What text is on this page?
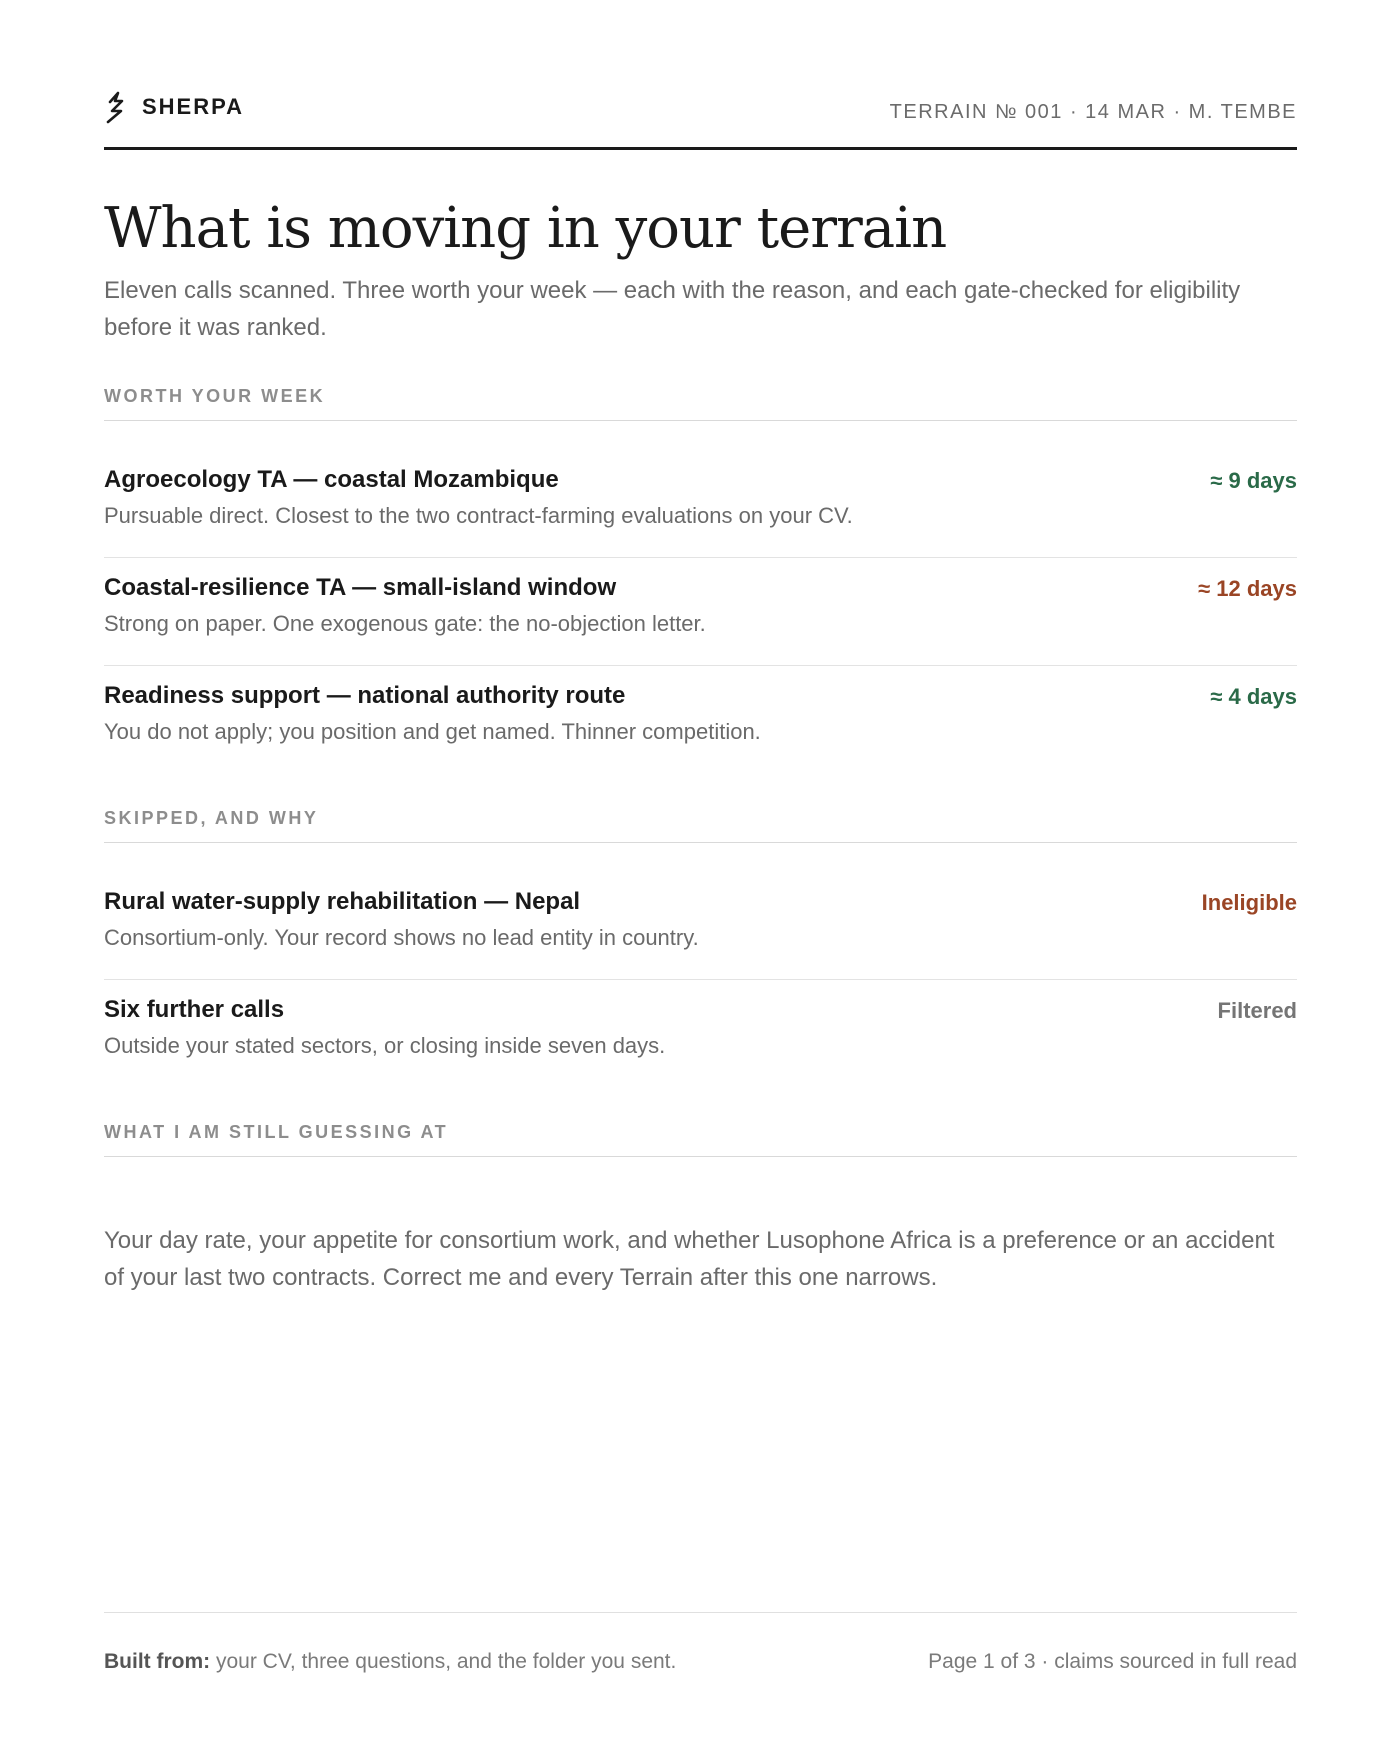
SHERPA	TERRAIN № 001 · 14 MAR · M. TEMBE
What is moving in your terrain

Eleven calls scanned. Three worth your week — each with the reason, and each gate-checked for eligibility before it was ranked.

WORTH YOUR WEEK
Agroecology TA — coastal Mozambique
Pursuable direct. Closest to the two contract-farming evaluations on your CV.
≈ 9 days
Coastal-resilience TA — small-island window
Strong on paper. One exogenous gate: the no-objection letter.
≈ 12 days
Readiness support — national authority route
You do not apply; you position and get named. Thinner competition.
≈ 4 days
SKIPPED, AND WHY
Rural water-supply rehabilitation — Nepal
Consortium-only. Your record shows no lead entity in country.
Ineligible
Six further calls
Outside your stated sectors, or closing inside seven days.
Filtered
WHAT I AM STILL GUESSING AT

Your day rate, your appetite for consortium work, and whether Lusophone Africa is a preference or an accident of your last two contracts. Correct me and every Terrain after this one narrows.

Built from: your CV, three questions, and the folder you sent.	Page 1 of 3 · claims sourced in full read
